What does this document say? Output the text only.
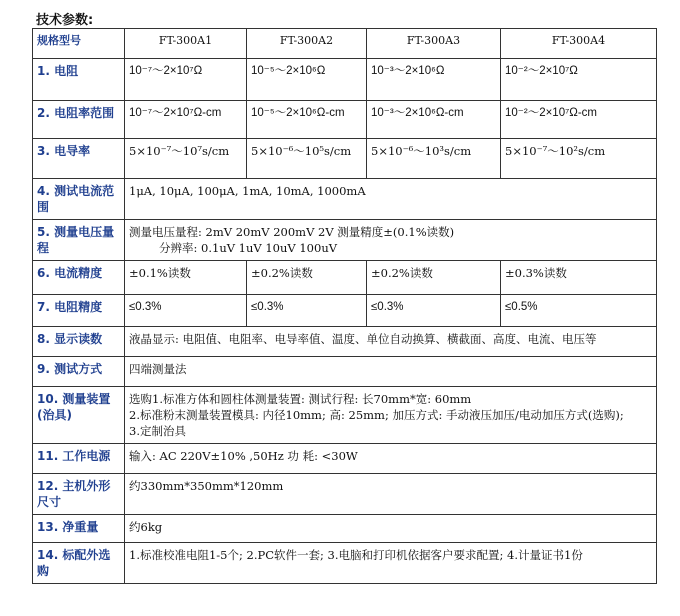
技术参数:
规格型号	FT-300A1	FT-300A2	FT-300A3	FT-300A4
1. 电阻	10⁻⁷～2×10⁷Ω	10⁻⁵～2×10⁶Ω	10⁻³～2×10⁶Ω	10⁻²～2×10⁷Ω
2. 电阻率范围	10⁻⁷～2×10⁷Ω-cm	10⁻⁵～2×10⁶Ω-cm	10⁻³～2×10⁶Ω-cm	10⁻²～2×10⁷Ω-cm
3. 电导率	5×10⁻⁷～10⁷s/cm	5×10⁻⁶～10⁵s/cm	5×10⁻⁶～10³s/cm	5×10⁻⁷～10²s/cm
4. 测试电流范围	1μA, 10μA, 100μA, 1mA, 10mA, 1000mA			
5. 测量电压量程	测量电压量程: 2mV 20mV 200mV 2V 测量精度±(0.1%读数)
分辨率: 0.1uV 1uV 10uV 100uV			

6. 电流精度	±0.1%读数	±0.2%读数	±0.2%读数	±0.3%读数
7. 电阻精度	≤0.3%	≤0.3%	≤0.3%	≤0.5%
8. 显示读数	液晶显示: 电阻值、电阻率、电导率值、温度、单位自动换算、横截面、高度、电流、电压等			
9. 测试方式	四端测量法			
10. 测量装置(治具)	选购1.标准方体和圆柱体测量装置: 测试行程: 长70mm*宽: 60mm
2.标准粉末测量装置模具: 内径10mm; 高: 25mm; 加压方式: 手动液压加压/电动加压方式(选购);
3.定制治具			

11. 工作电源	输入: AC 220V±10% ,50Hz 功 耗: <30W			
12. 主机外形尺寸	约330mm*350mm*120mm			
13. 净重量	约6kg			
14. 标配外选购	1.标准校准电阻1-5个; 2.PC软件一套; 3.电脑和打印机依据客户要求配置; 4.计量证书1份			
